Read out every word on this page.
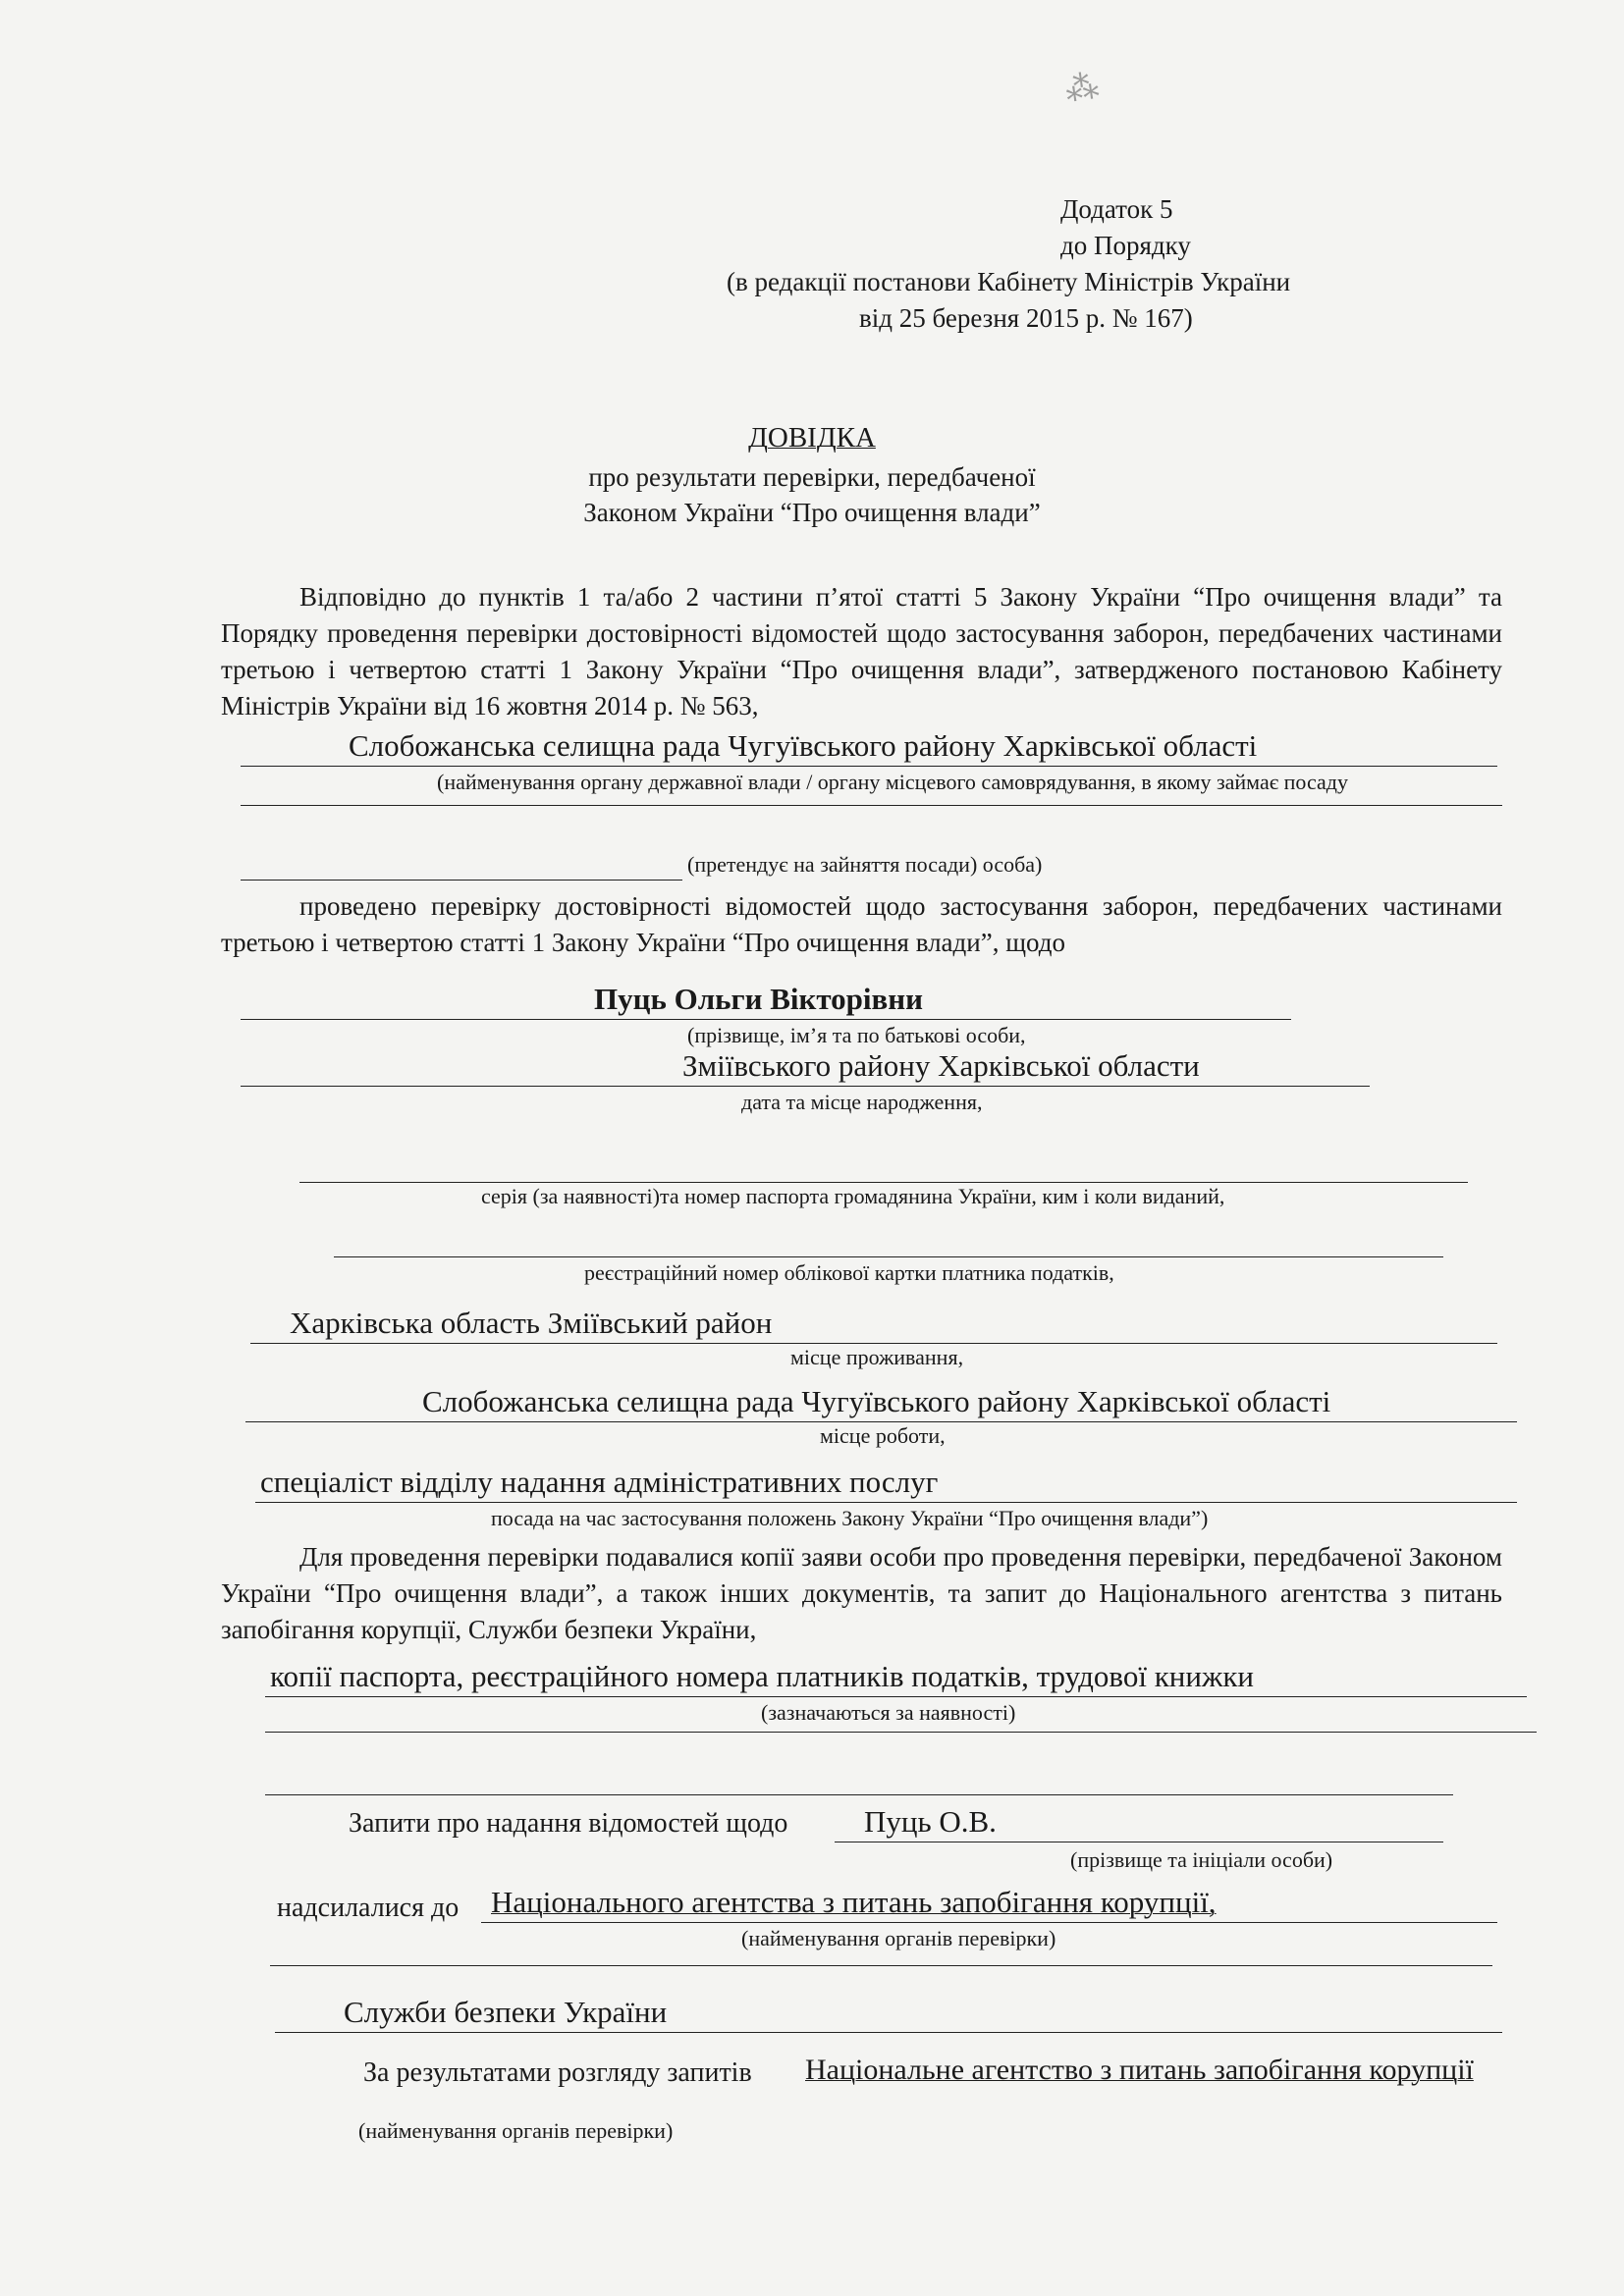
⁂
Додаток 5
до Порядку
(в редакції постанови Кабінету Міністрів України
від 25 березня 2015 р. № 167)
ДОВІДКА
про результати перевірки, передбаченої
Законом України “Про очищення влади”
Відповідно до пунктів 1 та/або 2 частини п’ятої статті 5 Закону України “Про очищення влади” та Порядку проведення перевірки достовірності відомостей щодо застосування заборон, передбачених частинами третьою і четвертою статті 1 Закону України “Про очищення влади”, затвердженого постановою Кабінету Міністрів України від 16 жовтня 2014 р. № 563,
Слобожанська селищна рада Чугуївського району Харківської області
(найменування органу державної влади / органу місцевого самоврядування, в якому займає посаду
(претендує на зайняття посади) особа)
проведено перевірку достовірності відомостей щодо застосування заборон, передбачених частинами третьою і четвертою статті 1 Закону України “Про очищення влади”, щодо
Пуць Ольги Вікторівни
(прізвище, ім’я та по батькові особи,
Зміївського району Харківської области
дата та місце народження,
серія (за наявності)та номер паспорта громадянина України, ким і коли виданий,
реєстраційний номер облікової картки платника податків,
Харківська область Зміївський район
місце проживання,
Слобожанська селищна рада Чугуївського району Харківської області
місце роботи,
спеціаліст відділу надання адміністративних послуг
посада на час застосування положень Закону України “Про очищення влади”)
Для проведення перевірки подавалися копії заяви особи про проведення перевірки, передбаченої Законом України “Про очищення влади”, а також інших документів, та запит до Національного агентства з питань запобігання корупції, Служби безпеки України,
копії паспорта, реєстраційного номера платників податків, трудової книжки
(зазначаються за наявності)
Запити про надання відомостей щодо	Пуць О.В.
(прізвище та ініціали особи)
надсилалися до Національного агентства з питань запобігання корупції,
(найменування органів перевірки)
Служби безпеки України
За результатами розгляду запитів Національне агентство з питань запобігання корупції
(найменування органів перевірки)
